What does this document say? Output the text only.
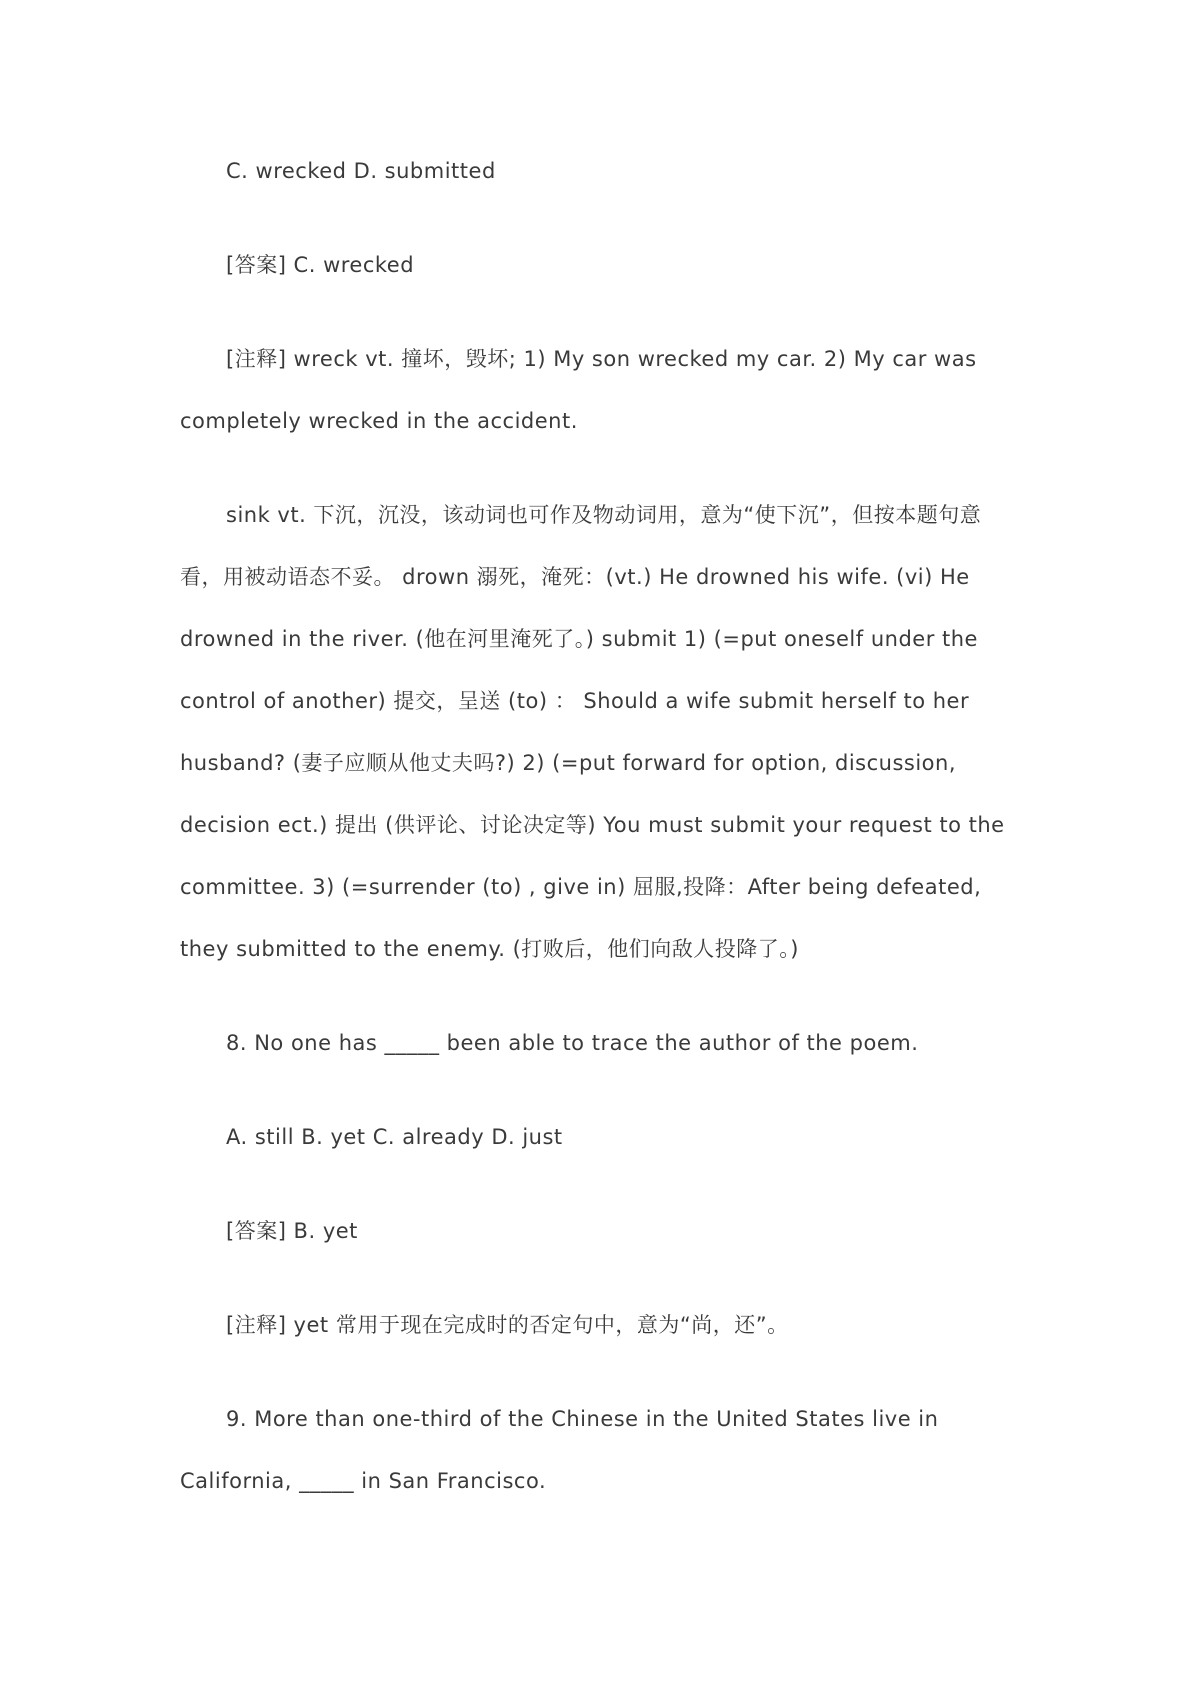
C. wrecked D. submitted

[答案] C. wrecked

[注释] wreck vt. 撞坏，毁坏; 1) My son wrecked my car. 2) My car was completely wrecked in the accident.

sink vt. 下沉，沉没，该动词也可作及物动词用，意为“使下沉”，但按本题句意看，用被动语态不妥。 drown 溺死，淹死：(vt.) He drowned his wife. (vi) He drowned in the river. (他在河里淹死了。) submit 1) (=put oneself under the control of another) 提交，呈送 (to) ： Should a wife submit herself to her husband? (妻子应顺从他丈夫吗?) 2) (=put forward for option, discussion, decision ect.) 提出 (供评论、讨论决定等) You must submit your request to the committee. 3) (=surrender (to) , give in) 屈服,投降：After being defeated, they submitted to the enemy. (打败后，他们向敌人投降了。)

8. No one has _____ been able to trace the author of the poem.

A. still B. yet C. already D. just

[答案] B. yet

[注释] yet 常用于现在完成时的否定句中，意为“尚，还”。

9. More than one-third of the Chinese in the United States live in California, _____ in San Francisco.
